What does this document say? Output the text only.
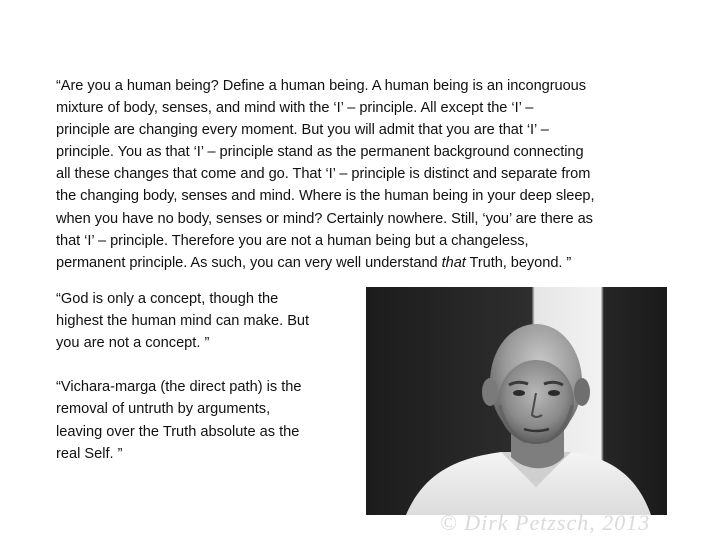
“Are you a human being? Define a human being. A human being is an incongruous
mixture of body, senses, and mind with the ‘I’ – principle. All except the ‘I’ –
principle are changing every moment. But you will admit that you are that ‘I’ –
principle. You as that ‘I’ – principle stand as the permanent background connecting
all these changes that come and go. That ‘I’ – principle is distinct and separate from
the changing body, senses and mind. Where is the human being in your deep sleep,
when you have no body, senses or mind? Certainly nowhere. Still, ‘you’ are there as
that ‘I’ – principle. Therefore you are not a human being but a changeless,
permanent principle. As such, you can very well understand that Truth, beyond. ”

“God is only a concept, though the
highest the human mind can make. But
you are not a concept. ”
“Vichara-marga (the direct path) is the
removal of untruth by arguments,
leaving over the Truth absolute as the
real Self. ”

© Dirk Petzsch, 2013
